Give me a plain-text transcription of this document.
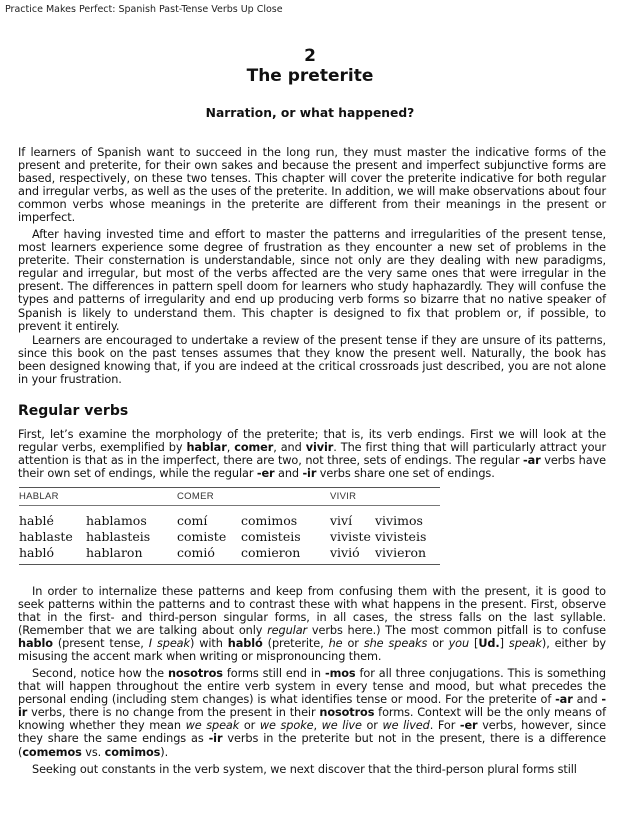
Practice Makes Perfect: Spanish Past-Tense Verbs Up Close
2
The preterite
Narration, or what happened?

If learners of Spanish want to succeed in the long run, they must master the indicative forms of the present and preterite, for their own sakes and because the present and imperfect subjunctive forms are based, respectively, on these two tenses. This chapter will cover the preterite indicative for both regular and irregular verbs, as well as the uses of the preterite. In addition, we will make observations about four common verbs whose meanings in the preterite are different from their meanings in the present or imperfect.

After having invested time and effort to master the patterns and irregularities of the present tense, most learners experience some degree of frustration as they encounter a new set of problems in the preterite. Their consternation is understandable, since not only are they dealing with new paradigms, regular and irregular, but most of the verbs affected are the very same ones that were irregular in the present. The differences in pattern spell doom for learners who study haphazardly. They will confuse the types and patterns of irregularity and end up producing verb forms so bizarre that no native speaker of Spanish is likely to understand them. This chapter is designed to fix that problem or, if possible, to prevent it entirely.

Learners are encouraged to undertake a review of the present tense if they are unsure of its patterns, since this book on the past tenses assumes that they know the present well. Naturally, the book has been designed knowing that, if you are indeed at the critical crossroads just described, you are not alone in your frustration.

Regular verbs

First, let’s examine the morphology of the preterite; that is, its verb endings. First we will look at the regular verbs, exemplified by hablar, comer, and vivir. The first thing that will particularly attract your attention is that as in the imperfect, there are two, not three, sets of endings. The regular -ar verbs have their own set of endings, while the regular -er and -ir verbs share one set of endings.

HABLAR	COMER	VIVIR
hablé
hablaste
habló
hablamos
hablasteis
hablaron
comí
comiste
comió
comimos
comisteis
comieron
viví
viviste
vivió
vivimos
vivisteis
vivieron

In order to internalize these patterns and keep from confusing them with the present, it is good to seek patterns within the patterns and to contrast these with what happens in the present. First, observe that in the first- and third-person singular forms, in all cases, the stress falls on the last syllable. (Remember that we are talking about only regular verbs here.) The most common pitfall is to confuse hablo (present tense, I speak) with habló (preterite, he or she speaks or you [Ud.] speak), either by misusing the accent mark when writing or mispronouncing them.

Second, notice how the nosotros forms still end in -mos for all three conjugations. This is something that will happen throughout the entire verb system in every tense and mood, but what precedes the personal ending (including stem changes) is what identifies tense or mood. For the preterite of -ar and -ir verbs, there is no change from the present in their nosotros forms. Context will be the only means of knowing whether they mean we speak or we spoke, we live or we lived. For -er verbs, however, since they share the same endings as -ir verbs in the preterite but not in the present, there is a difference (comemos vs. comimos).

Seeking out constants in the verb system, we next discover that the third-person plural forms still
